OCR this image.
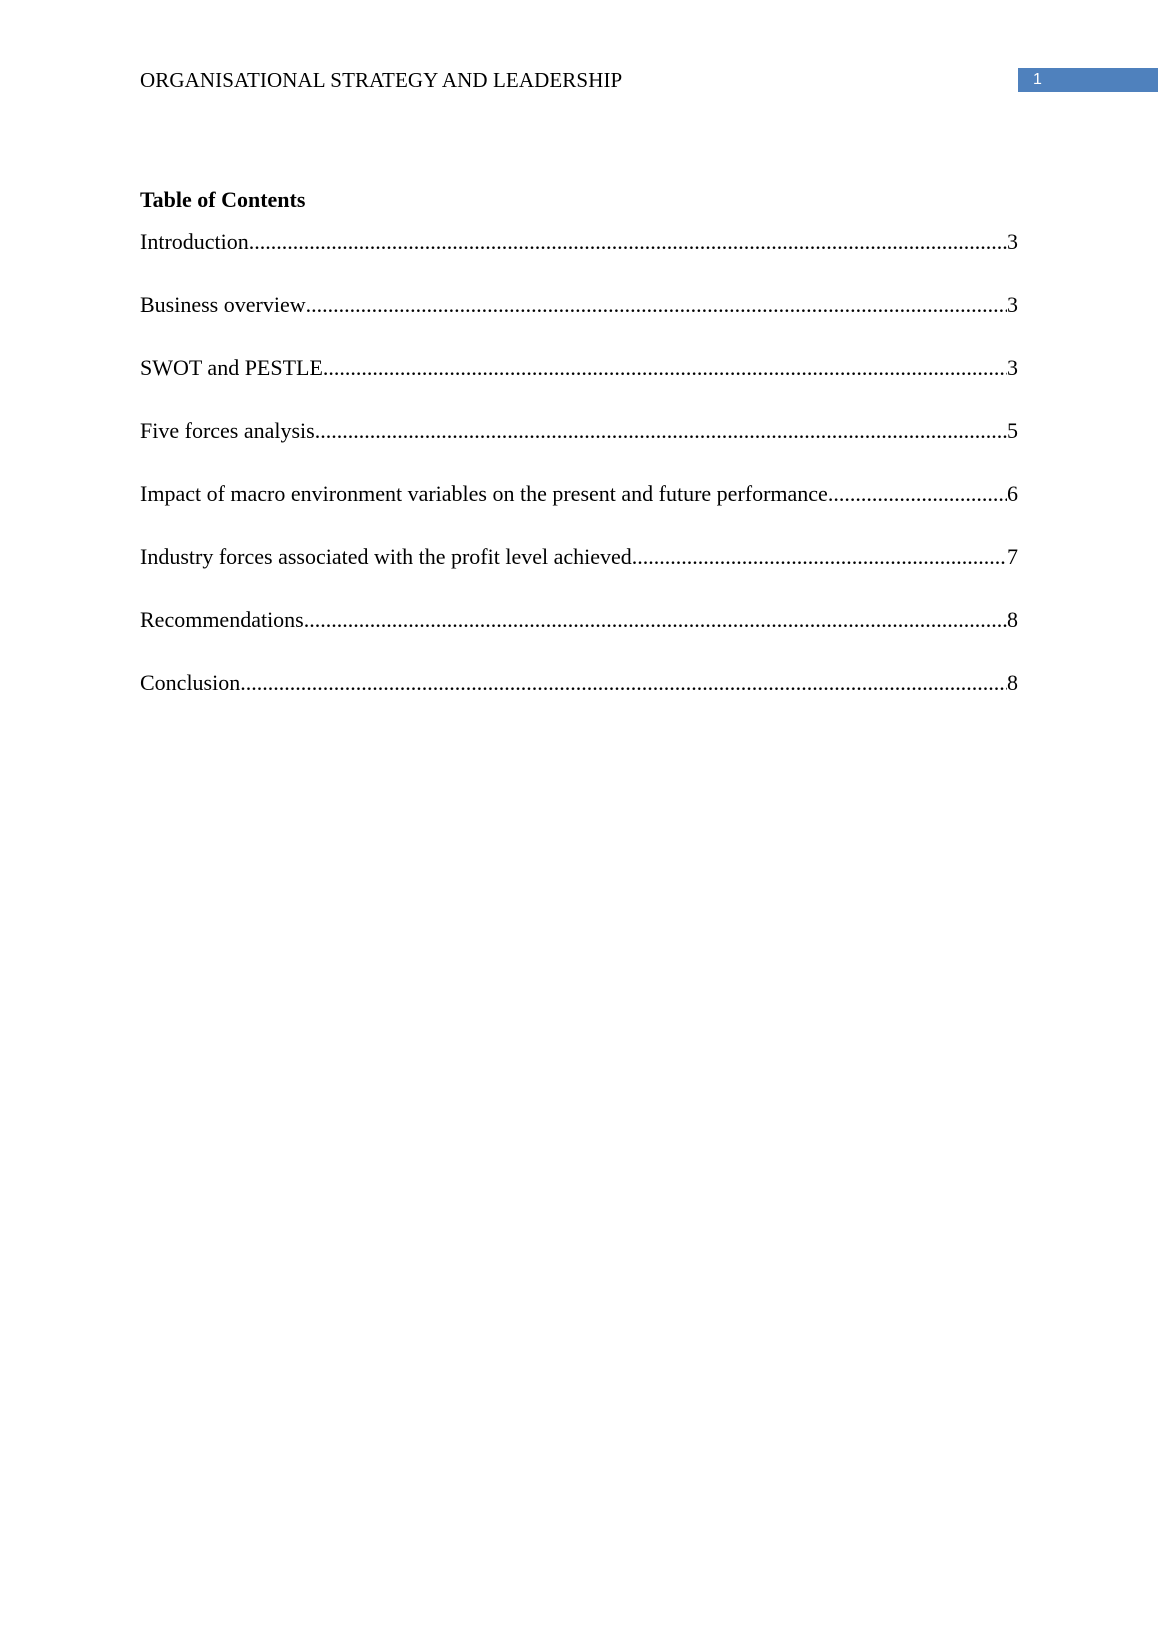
ORGANISATIONAL STRATEGY AND LEADERSHIP	1
Table of Contents
Introduction .....	3
Business overview .....	3
SWOT and PESTLE .....	3
Five forces analysis .....	5
Impact of macro environment variables on the present and future performance .....	6
Industry forces associated with the profit level achieved .....	7
Recommendations .....	8
Conclusion .....	8
